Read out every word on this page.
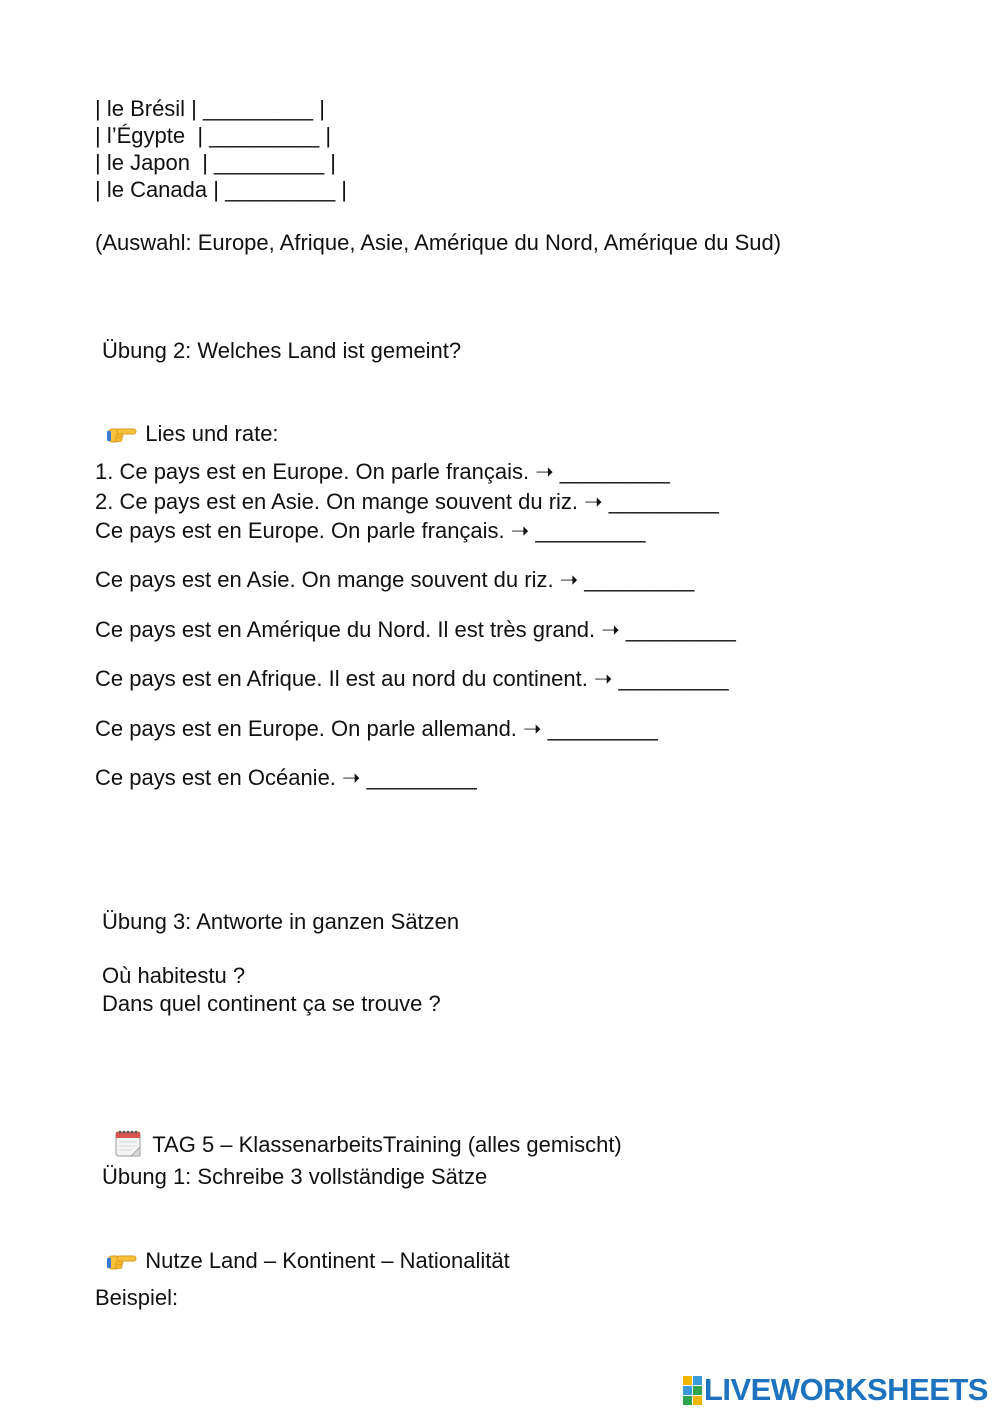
| le Brésil | _________ |
| l’Égypte  | _________ |
| le Japon  | _________ |
| le Canada | _________ |
(Auswahl: Europe, Afrique, Asie, Amérique du Nord, Amérique du Sud)
Übung 2: Welches Land ist gemeint?

Lies und rate:

1. Ce pays est en Europe. On parle français. ➝ _________
2. Ce pays est en Asie. On mange souvent du riz. ➝ _________
Ce pays est en Europe. On parle français. ➝ _________
Ce pays est en Asie. On mange souvent du riz. ➝ _________
Ce pays est en Amérique du Nord. Il est très grand. ➝ _________
Ce pays est en Afrique. Il est au nord du continent. ➝ _________
Ce pays est en Europe. On parle allemand. ➝ _________
Ce pays est en Océanie. ➝ _________
Übung 3: Antworte in ganzen Sätzen
Où habitestu ?
Dans quel continent ça se trouve ?

TAG 5 – KlassenarbeitsTraining (alles gemischt)

Übung 1: Schreibe 3 vollständige Sätze

Nutze Land – Kontinent – Nationalität

Beispiel:
LIVEWORKSHEETS
